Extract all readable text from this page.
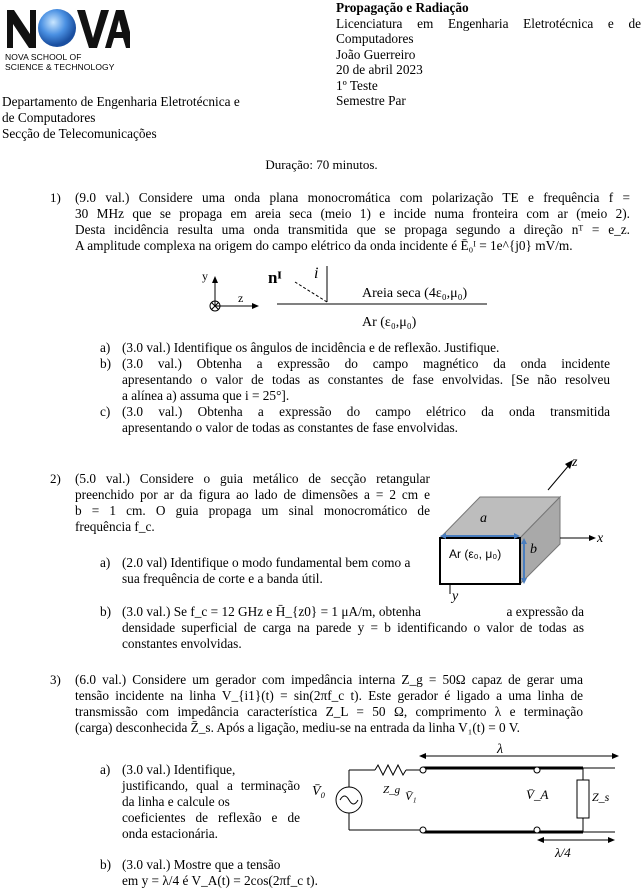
NOVA SCHOOL OF
SCIENCE & TECHNOLOGY
Departamento de Engenharia Eletrotécnica e
de Computadores
Secção de Telecomunicações
Propagação e Radiação
Licenciatura em Engenharia Eletrotécnica e de
Computadores
João Guerreiro
20 de abril 2023
1º Teste
Semestre Par
Duração: 70 minutos.
1) (9.0 val.) Considere uma onda plana monocromática com polarização TE e frequência f =
30 MHz que se propaga em areia seca (meio 1) e incide numa fronteira com ar (meio 2).
Desta incidência resulta uma onda transmitida que se propaga segundo a direção nᵀ = e_z.
A amplitude complexa na origem do campo elétrico da onda incidente é Ē₀ᴵ = 1e^{j0} mV/m.
y
z
nᴵ i
Areia seca (4ε₀,μ₀)
Ar (ε₀,μ₀)
a) (3.0 val.) Identifique os ângulos de incidência e de reflexão. Justifique.
b) (3.0 val.) Obtenha a expressão do campo magnético da onda incidente
apresentando o valor de todas as constantes de fase envolvidas. [Se não resolveu
a alínea a) assuma que i = 25°].
c) (3.0 val.) Obtenha a expressão do campo elétrico da onda transmitida
apresentando o valor de todas as constantes de fase envolvidas.
2) (5.0 val.) Considere o guia metálico de secção retangular
preenchido por ar da figura ao lado de dimensões a = 2 cm e
b = 1 cm. O guia propaga um sinal monocromático de
frequência f_c.
z
x
y
a
b
Ar (ε₀, μ₀)
a) (2.0 val) Identifique o modo fundamental bem como a
sua frequência de corte e a banda útil.
b) (3.0 val.) Se f_c = 12 GHz e H̄_{z0} = 1 μA/m, obtenha	a expressão da
densidade superficial de carga na parede y = b identificando o valor de todas as
constantes envolvidas.
3) (6.0 val.) Considere um gerador com impedância interna Z_g = 50Ω capaz de gerar uma
tensão incidente na linha V_{i1}(t) = sin(2πf_c t). Este gerador é ligado a uma linha de
transmissão com impedância característica Z_L = 50 Ω, comprimento λ e terminação
(carga) desconhecida Z̄_s. Após a ligação, mediu-se na entrada da linha V₁(t) = 0 V.
a) (3.0 val.) Identifique,
justificando, qual a terminação
da linha e calcule os
coeficientes de reflexão e de
onda estacionária.
b) (3.0 val.) Mostre que a tensão
em y = λ/4 é V_A(t) = 2cos(2πf_c t).
λ
V̄₀	Z_g V̄₁	V̄_A	Z_s
λ/4
